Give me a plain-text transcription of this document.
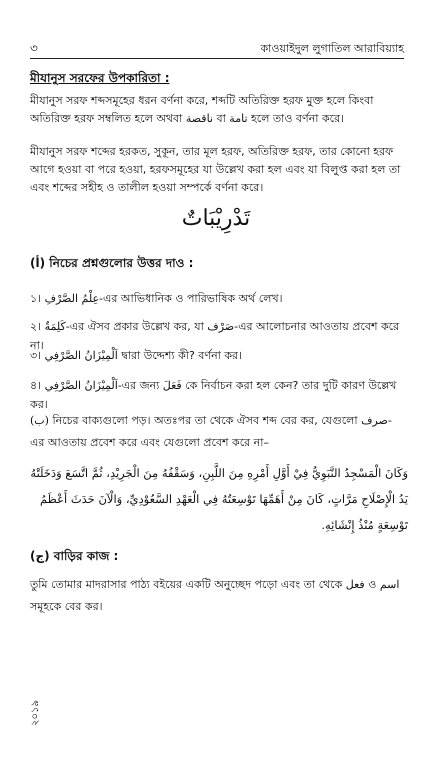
৩	কাওয়াইদুল লুগাতিল আরাবিয়্যাহ
মীযানুস সরফের উপকারিতা :
মীযানুস সরফ শব্দসমূহের ধরন বর্ণনা করে, শব্দটি অতিরিক্ত হরফ মুক্ত হলে কিংবা অতিরিক্ত হরফ সম্বলিত হলে অথবা ناقصة বা تامة হলে তাও বর্ণনা করে।
মীযানুস সরফ শব্দের হরকত, সুকূন, তার মূল হরফ, অতিরিক্ত হরফ, তার কোনো হরফ আগে হওয়া বা পরে হওয়া, হরফসমূহের যা উল্লেখ করা হল এবং যা বিলুপ্ত করা হল তা এবং শব্দের সহীহ ও তালীল হওয়া সম্পর্কে বর্ণনা করে।
تَدْرِيْبَاتٌ
(أ) নিচের প্রশ্নগুলোর উত্তর দাও :
১। عِلْمُ الصَّرْفِ-এর আভিধানিক ও পারিভাষিক অর্থ লেখ।
২। كَلِمَةٌ-এর ঐসব প্রকার উল্লেখ কর, যা صَرْف-এর আলোচনার আওতায় প্রবেশ করে না।
৩। اَلْمِيْزَانُ الصَّرْفِي দ্বারা উদ্দেশ্য কী? বর্ণনা কর।
৪। اَلْمِيْزَانُ الصَّرْفِي-এর জন্য فَعَلَ কে নির্বাচন করা হল কেন? তার দুটি কারণ উল্লেখ কর।
(ب) নিচের বাক্যগুলো পড়। অতঃপর তা থেকে ঐসব শব্দ বের কর, যেগুলো صرف-এর আওতায় প্রবেশ করে এবং যেগুলো প্রবেশ করে না–
وَكَانَ الْمَسْجِدُ النَّبَوِيُّ فِيْ أَوَّلِ أَمْرِهِ مِنَ اللَّبِنِ، وَسَقْفُهُ مِنَ الْجَرِيْدِ، ثُمَّ اتَّسَعَ وَدَخَلَتْهُ يَدُ الْإِصْلَاحِ مَرَّاتٍ، كَانَ مِنْ أَهَمِّهَا تَوْسِعَتُهُ فِي الْعَهْدِ السَّعُوْدِيِّ، وَالْآنَ حَدَثَ أَعْظَمُ تَوْسِعَةٍ مُنْذُ إِنْشَائِهِ.
(ج) বাড়ির কাজ :
তুমি তোমার মাদরাসার পাঠ্য বইয়ের একটি অনুচ্ছেদ পড়ো এবং তা থেকে فعل ও اسم সমূহকে বের কর।
২০১৯
